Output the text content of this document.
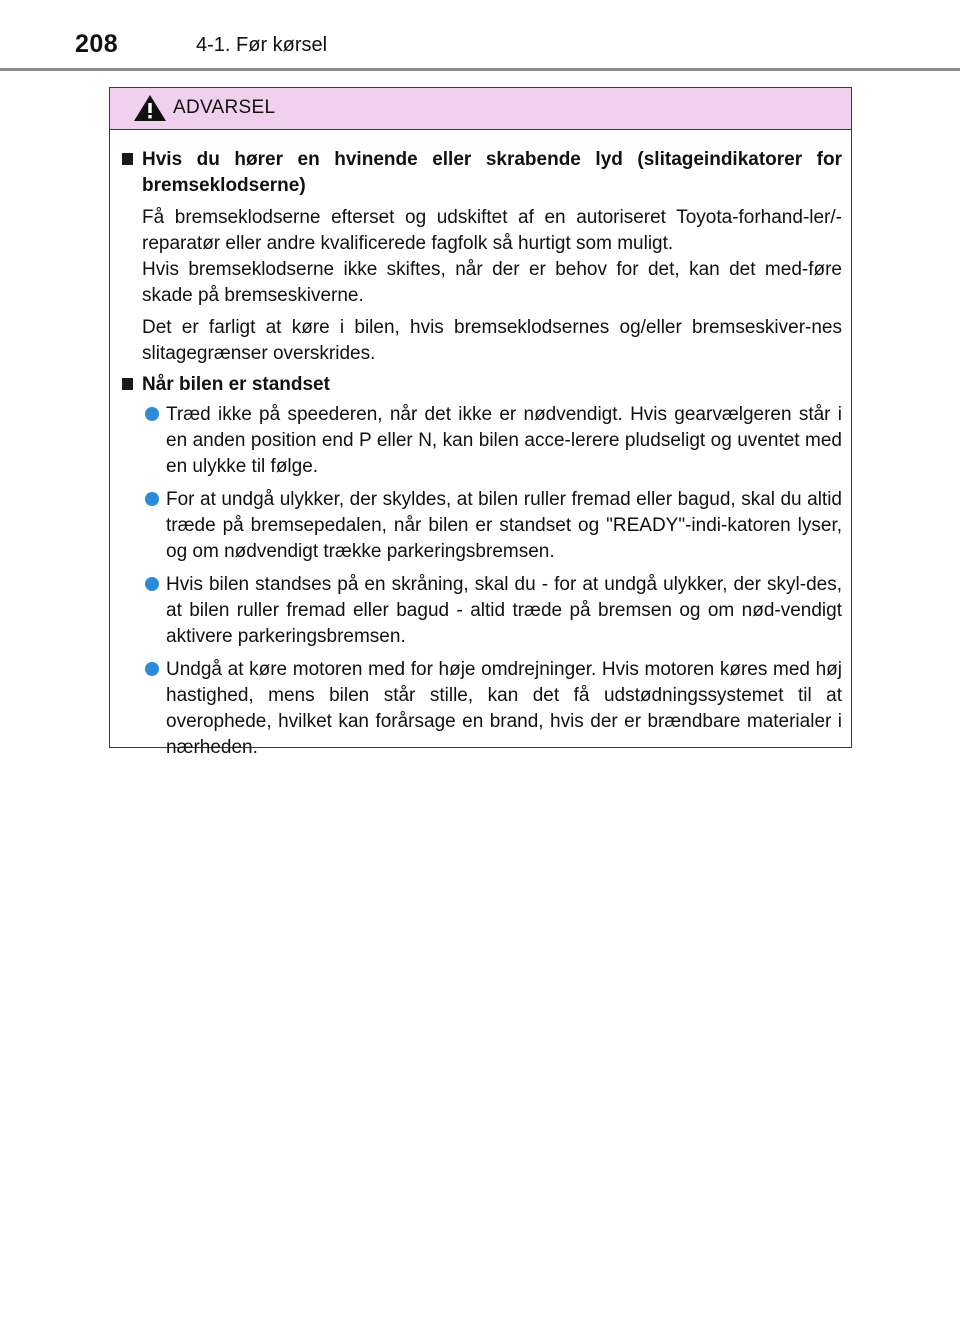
208	4-1. Før kørsel
ADVARSEL
Hvis du hører en hvinende eller skrabende lyd (slitageindikatorer for bremseklodserne)
Få bremseklodserne efterset og udskiftet af en autoriseret Toyota-forhand-ler/-reparatør eller andre kvalificerede fagfolk så hurtigt som muligt.
Hvis bremseklodserne ikke skiftes, når der er behov for det, kan det med-føre skade på bremseskiverne.
Det er farligt at køre i bilen, hvis bremseklodsernes og/eller bremseskiver-nes slitagegrænser overskrides.
Når bilen er standset
Træd ikke på speederen, når det ikke er nødvendigt. Hvis gearvælgeren står i en anden position end P eller N, kan bilen acce-lerere pludseligt og uventet med en ulykke til følge.
For at undgå ulykker, der skyldes, at bilen ruller fremad eller bagud, skal du altid træde på bremsepedalen, når bilen er standset og "READY"-indi-katoren lyser, og om nødvendigt trække parkeringsbremsen.
Hvis bilen standses på en skråning, skal du - for at undgå ulykker, der skyl-des, at bilen ruller fremad eller bagud - altid træde på bremsen og om nød-vendigt aktivere parkeringsbremsen.
Undgå at køre motoren med for høje omdrejninger. Hvis motoren køres med høj hastighed, mens bilen står stille, kan det få udstødningssystemet til at overophede, hvilket kan forårsage en brand, hvis der er brændbare materialer i nærheden.
